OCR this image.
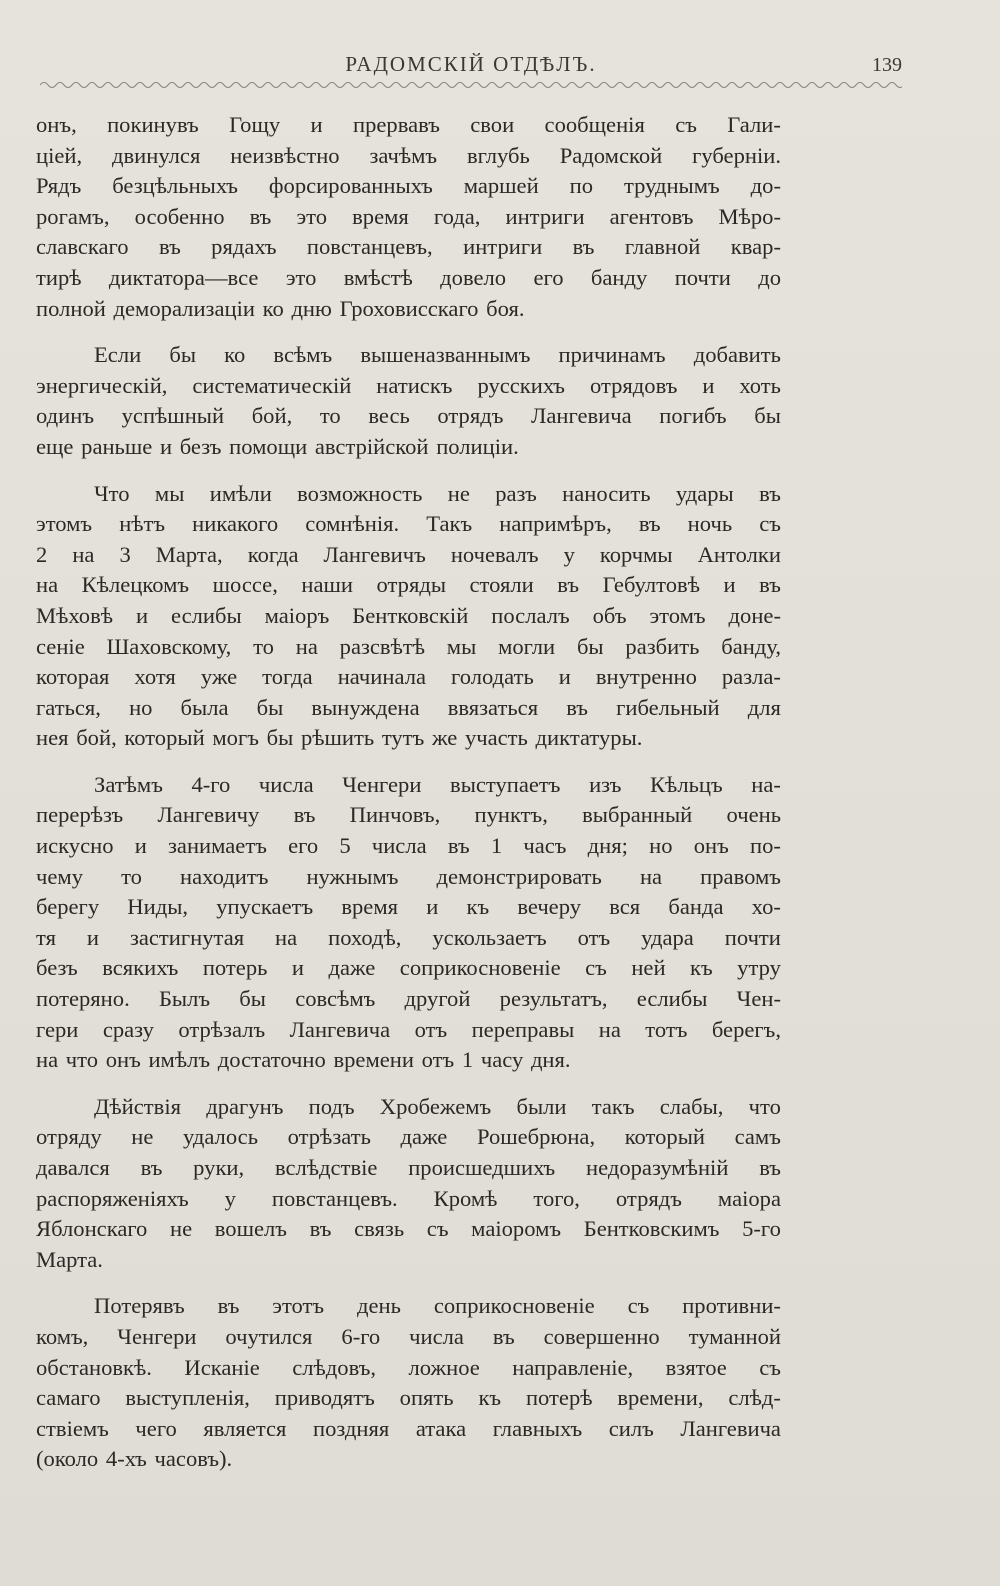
РАДОМСКIЙ ОТДѢЛЪ.	139
онъ, покинувъ Гощу и прервавъ свои сообщенія съ Гали-
ціей, двинулся неизвѣстно зачѣмъ вглубь Радомской губерніи.
Рядъ безцѣльныхъ форсированныхъ маршей по труднымъ до-
рогамъ, особенно въ это время года, интриги агентовъ Мѣро-
славскаго въ рядахъ повстанцевъ, интриги въ главной квар-
тирѣ диктатора—все это вмѣстѣ довело его банду почти до
полной деморализаціи ко дню Гроховисскаго боя.
Если бы ко всѣмъ вышеназваннымъ причинамъ добавить
энергическій, систематическій натискъ русскихъ отрядовъ и хоть
одинъ успѣшный бой, то весь отрядъ Лангевича погибъ бы
еще раньше и безъ помощи австрійской полиціи.
Что мы имѣли возможность не разъ наносить удары въ
этомъ нѣтъ никакого сомнѣнія. Такъ напримѣръ, въ ночь съ
2 на 3 Марта, когда Лангевичъ ночевалъ у корчмы Антолки
на Кѣлецкомъ шоссе, наши отряды стояли въ Гебултовѣ и въ
Мѣховѣ и еслибы маіоръ Бентковскій послалъ объ этомъ донe-
сеніе Шаховскому, то на разсвѣтѣ мы могли бы разбить банду,
которая хотя уже тогда начинала голодать и внутренно разла-
гаться, но была бы вынуждена ввязаться въ гибельный для
нея бой, который могъ бы рѣшить тутъ же участь диктатуры.
Затѣмъ 4-го числа Ченгери выступаетъ изъ Кѣльцъ на-
перерѣзъ Лангевичу въ Пинчовъ, пунктъ, выбранный очень
искусно и занимаетъ его 5 числа въ 1 часъ дня; но онъ по-
чему то находитъ нужнымъ демонстрировать на правомъ
берегу Ниды, упускаетъ время и къ вечеру вся банда хо-
тя и застигнутая на походѣ, ускользаетъ отъ удара почти
безъ всякихъ потерь и даже соприкосновеніе съ ней къ утру
потеряно. Былъ бы совсѣмъ другой результатъ, еслибы Чен-
гери сразу отрѣзалъ Лангевича отъ переправы на тотъ берегъ,
на что онъ имѣлъ достаточно времени отъ 1 часу дня.
Дѣйствія драгунъ подъ Хробежемъ были такъ слабы, что
отряду не удалось отрѣзать даже Рошебрюна, который самъ
давался въ руки, вслѣдствіе происшедшихъ недоразумѣній въ
распоряженіяхъ у повстанцевъ. Кромѣ того, отрядъ маіора
Яблонскаго не вошелъ въ связь съ маіоромъ Бентковскимъ 5-го
Марта.
Потерявъ въ этотъ день соприкосновеніе съ противни-
комъ, Ченгери очутился 6-го числа въ совершенно туманной
обстановкѣ. Исканіе слѣдовъ, ложное направленіе, взятое съ
самаго выступленія, приводятъ опять къ потерѣ времени, слѣд-
ствіемъ чего является поздняя атака главныхъ силъ Лангевича
(около 4-хъ часовъ).
